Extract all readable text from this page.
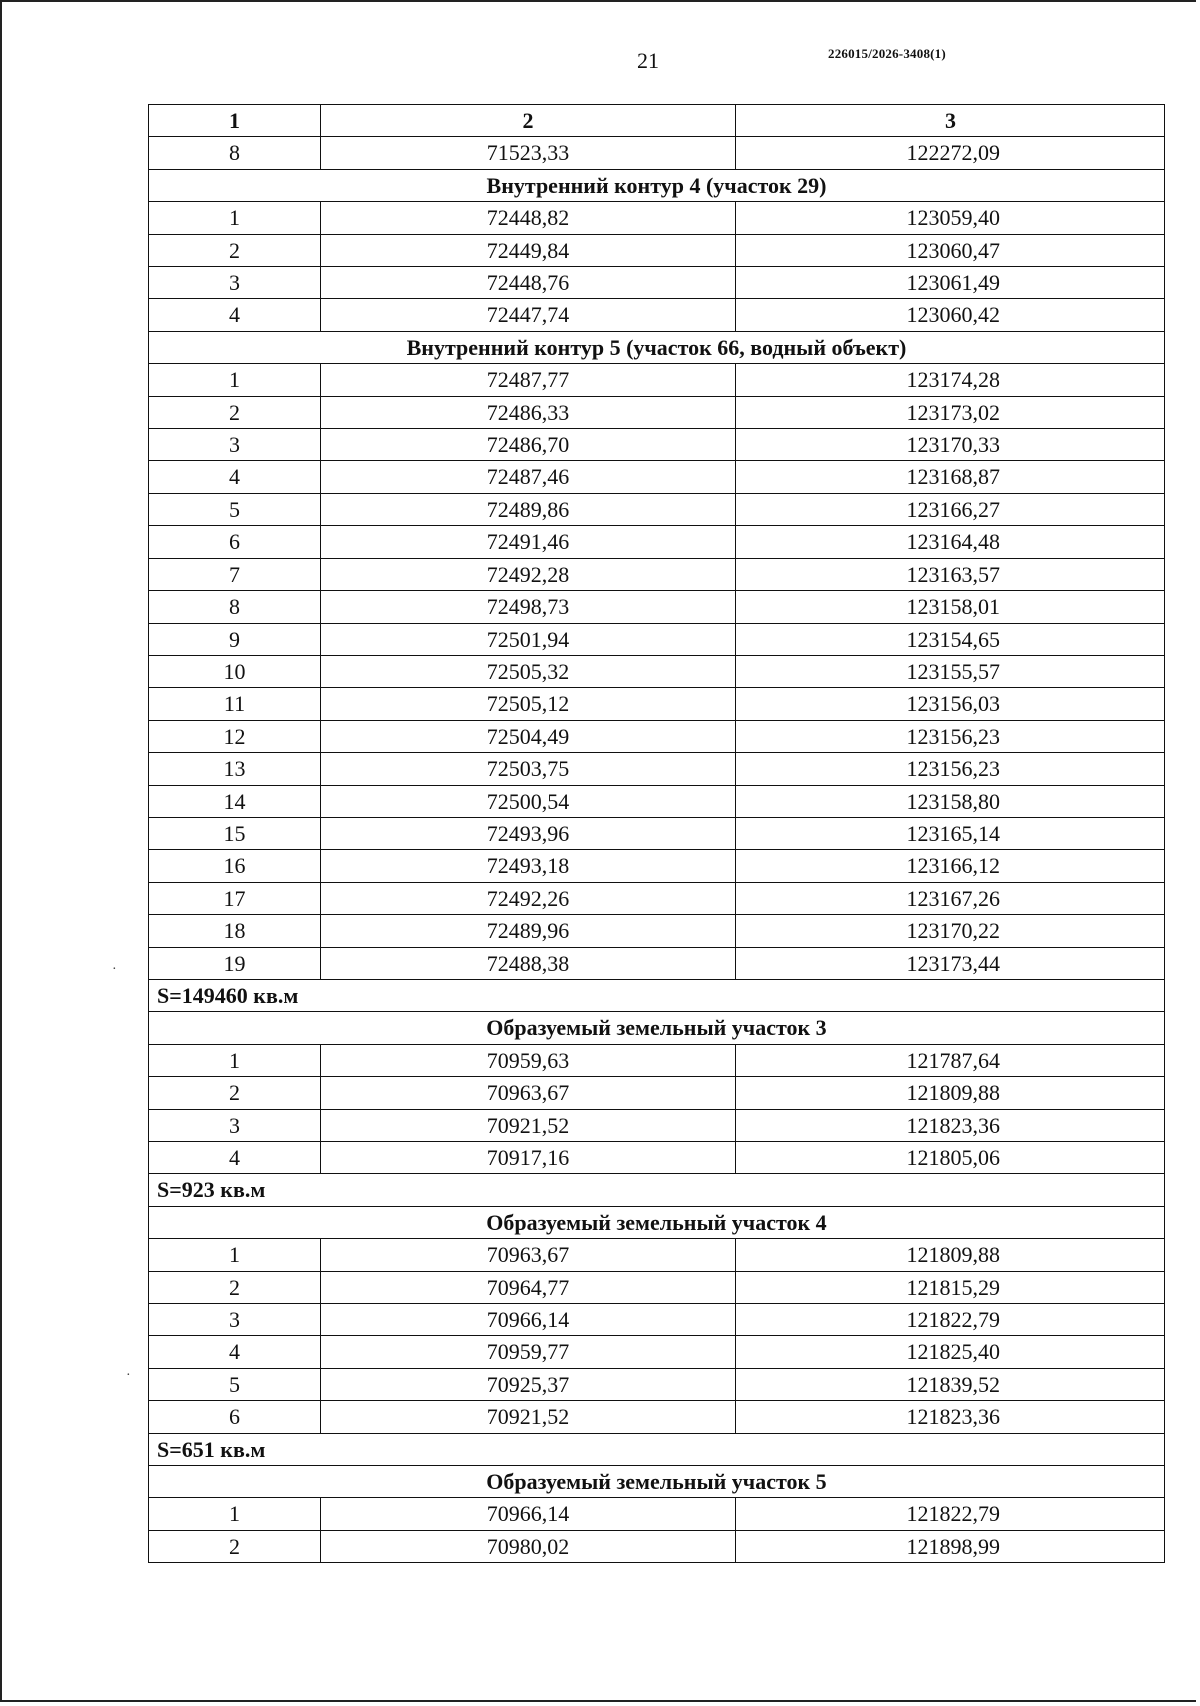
21	226015/2026-3408(1)
1	2	3
8	71523,33	122272,09
Внутренний контур 4 (участок 29)		
1	72448,82	123059,40
2	72449,84	123060,47
3	72448,76	123061,49
4	72447,74	123060,42
Внутренний контур 5 (участок 66, водный объект)		
1	72487,77	123174,28
2	72486,33	123173,02
3	72486,70	123170,33
4	72487,46	123168,87
5	72489,86	123166,27
6	72491,46	123164,48
7	72492,28	123163,57
8	72498,73	123158,01
9	72501,94	123154,65
10	72505,32	123155,57
11	72505,12	123156,03
12	72504,49	123156,23
13	72503,75	123156,23
14	72500,54	123158,80
15	72493,96	123165,14
16	72493,18	123166,12
17	72492,26	123167,26
18	72489,96	123170,22
19	72488,38	123173,44
S=149460 кв.м		
Образуемый земельный участок 3		
1	70959,63	121787,64
2	70963,67	121809,88
3	70921,52	121823,36
4	70917,16	121805,06
S=923 кв.м		
Образуемый земельный участок 4		
1	70963,67	121809,88
2	70964,77	121815,29
3	70966,14	121822,79
4	70959,77	121825,40
5	70925,37	121839,52
6	70921,52	121823,36
S=651 кв.м		
Образуемый земельный участок 5		
1	70966,14	121822,79
2	70980,02	121898,99
·
·
